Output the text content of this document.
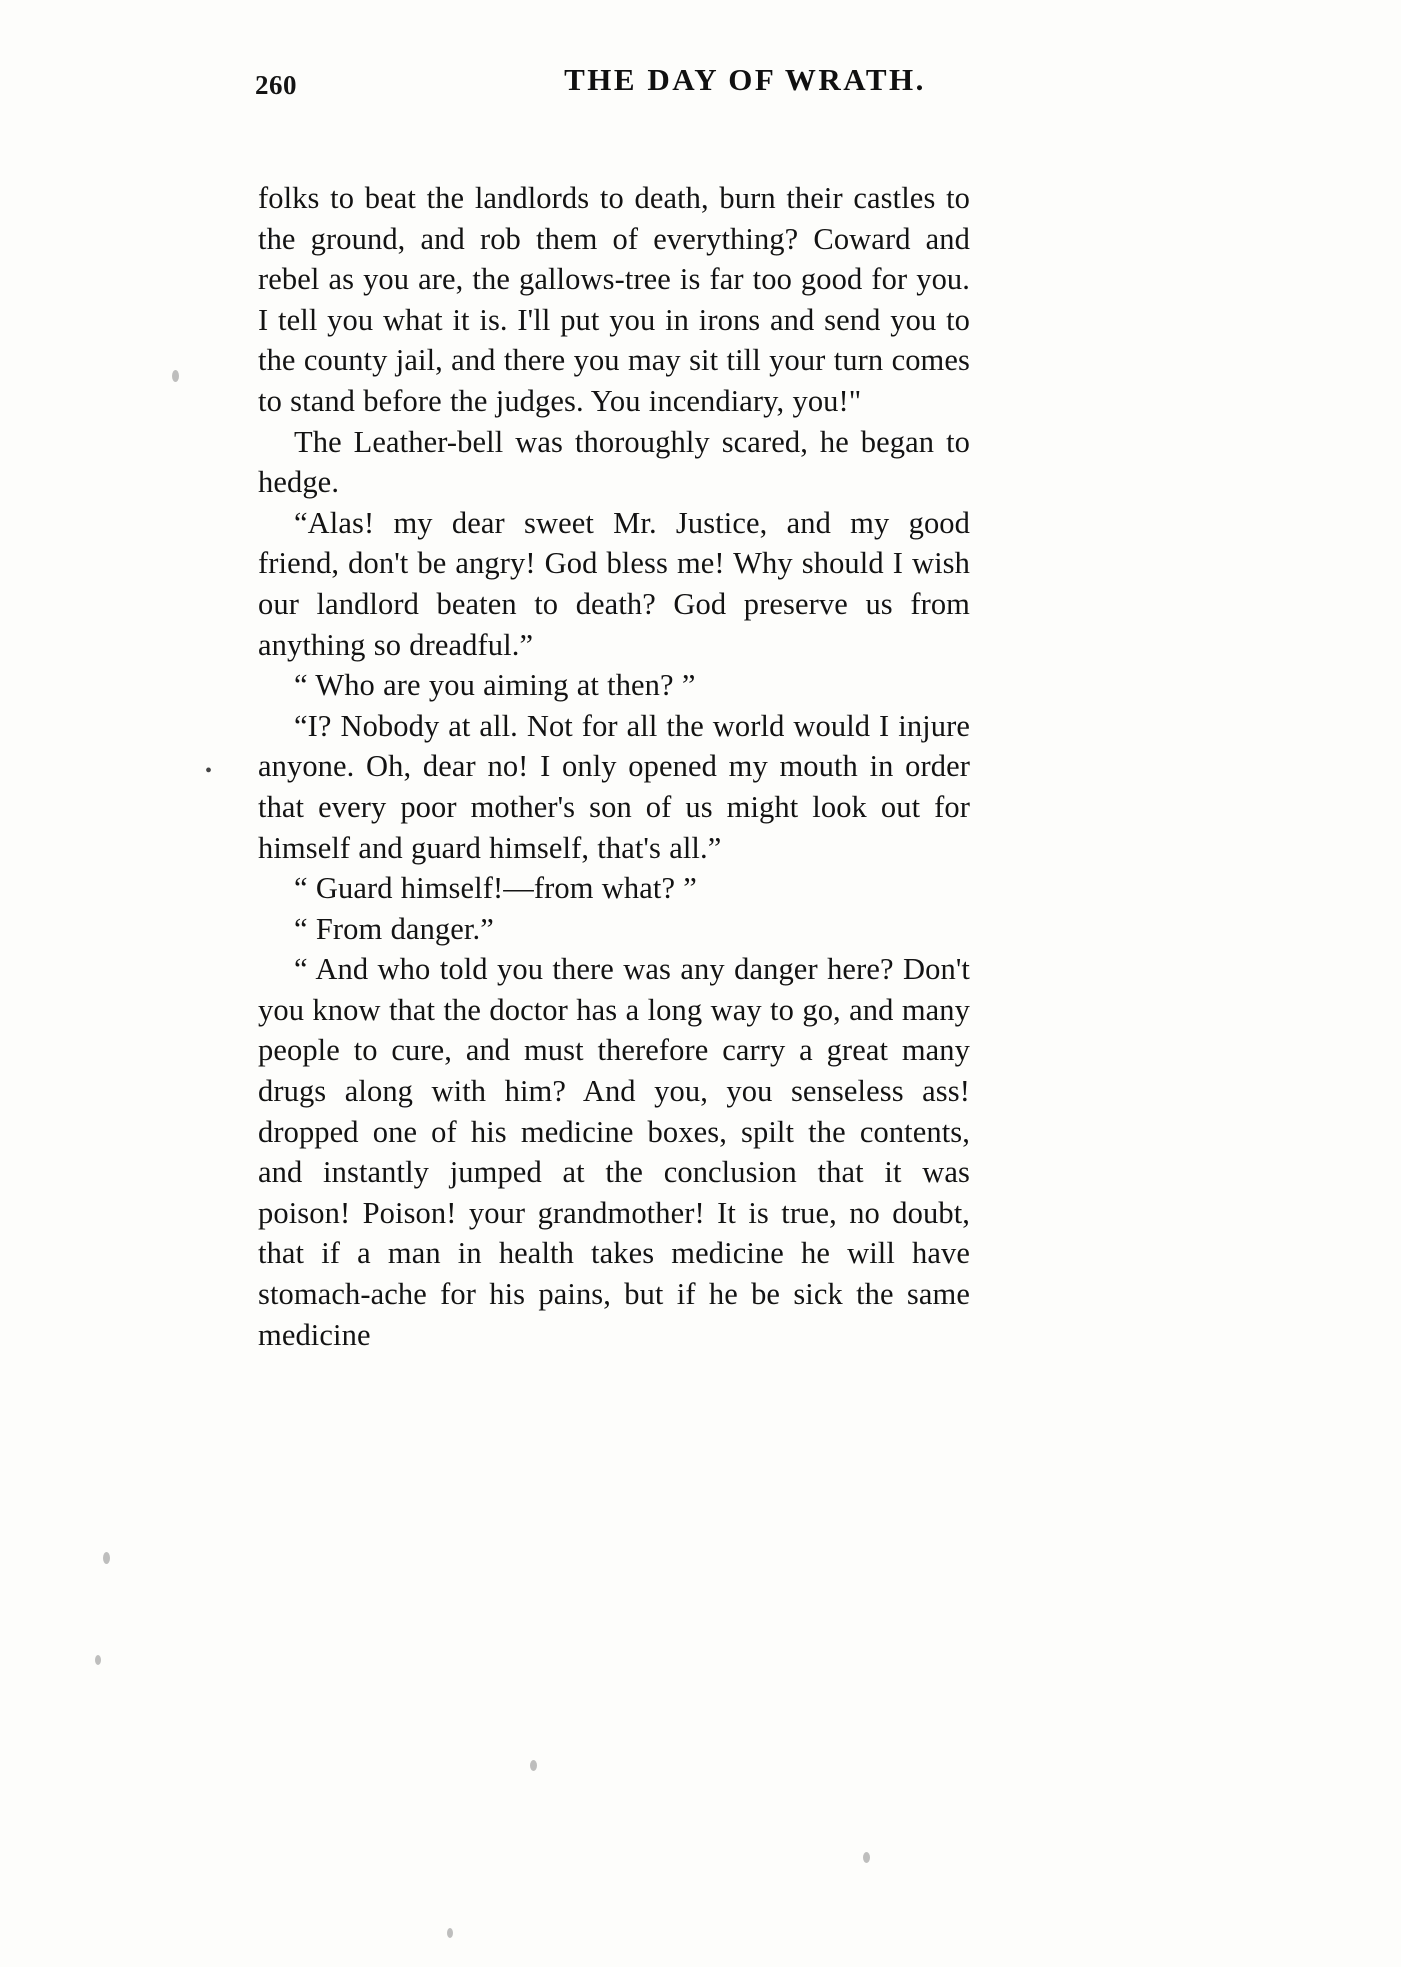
260	THE DAY OF WRATH.

folks to beat the landlords to death, burn their castles to the ground, and rob them of everything? Coward and rebel as you are, the gallows-tree is far too good for you. I tell you what it is. I'll put you in irons and send you to the county jail, and there you may sit till your turn comes to stand before the judges. You incendiary, you!"

The Leather-bell was thoroughly scared, he began to hedge.

“Alas! my dear sweet Mr. Justice, and my good friend, don't be angry! God bless me! Why should I wish our landlord beaten to death? God preserve us from anything so dreadful.”

“ Who are you aiming at then? ”

“I? Nobody at all. Not for all the world would I injure anyone. Oh, dear no! I only opened my mouth in order that every poor mother's son of us might look out for himself and guard himself, that's all.”

“ Guard himself!—from what? ”

“ From danger.”

“ And who told you there was any danger here? Don't you know that the doctor has a long way to go, and many people to cure, and must therefore carry a great many drugs along with him? And you, you senseless ass! dropped one of his medicine boxes, spilt the contents, and instantly jumped at the conclusion that it was poison! Poison! your grandmother! It is true, no doubt, that if a man in health takes medicine he will have stomach-ache for his pains, but if he be sick the same medicine

•
